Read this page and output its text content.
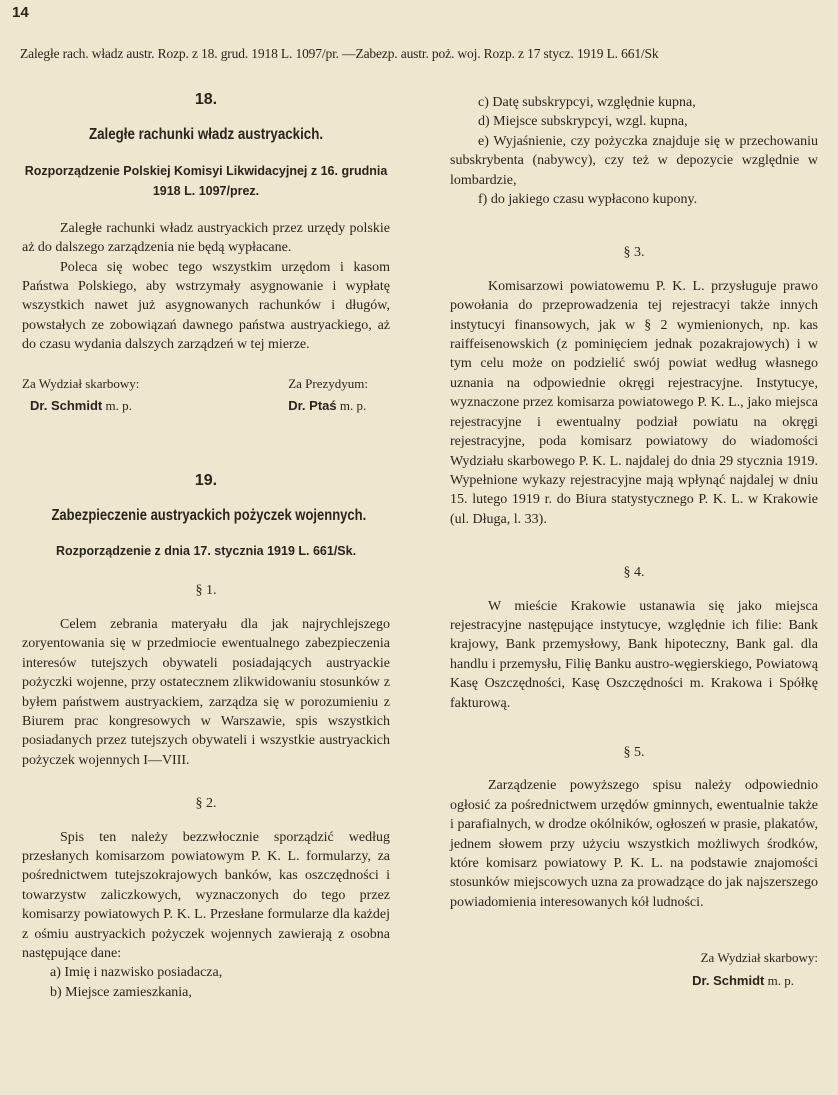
14
Zaległe rach. władz austr. Rozp. z 18. grud. 1918 L. 1097/pr. —Zabezp. austr. poż. woj. Rozp. z 17 stycz. 1919 L. 661/Sk
18.
Zaległe rachunki władz austryackich.
Rozporządzenie Polskiej Komisyi Likwidacyjnej z 16. grudnia 1918 L. 1097/prez.

Zaległe rachunki władz austryackich przez urzędy polskie aż do dalszego zarządzenia nie będą wypłacane.

Poleca się wobec tego wszystkim urzędom i kasom Państwa Polskiego, aby wstrzymały asygnowanie i wypłatę wszystkich nawet już asygnowanych rachunków i długów, powstałych ze zobowiązań dawnego państwa austryackiego, aż do czasu wydania dalszych zarządzeń w tej mierze.

Za Wydział skarbowy:
Dr. Schmidt m. p.
Za Prezydyum:
Dr. Ptaś m. p.
19.
Zabezpieczenie austryackich pożyczek wojennych.
Rozporządzenie z dnia 17. stycznia 1919 L. 661/Sk.
§ 1.

Celem zebrania materyału dla jak najrychlejszego zoryentowania się w przedmiocie ewentualnego zabezpieczenia interesów tutejszych obywateli posiadających austryackie pożyczki wojenne, przy ostatecznem zlikwidowaniu stosunków z byłem państwem austryackiem, zarządza się w porozumieniu z Biurem prac kongresowych w Warszawie, spis wszystkich posiadanych przez tutejszych obywateli i wszystkie austryackich pożyczek wojennych I—VIII.

§ 2.

Spis ten należy bezzwłocznie sporządzić według przesłanych komisarzom powiatowym P. K. L. formularzy, za pośrednictwem tutejszokrajowych banków, kas oszczędności i towarzystw zaliczkowych, wyznaczonych do tego przez komisarzy powiatowych P. K. L. Przesłane formularze dla każdej z ośmiu austryackich pożyczek wojennych zawierają z osobna następujące dane:

a) Imię i nazwisko posiadacza,
b) Miejsce zamieszkania,
c) Datę subskrypcyi, względnie kupna,
d) Miejsce subskrypcyi, wzgl. kupna,

e) Wyjaśnienie, czy pożyczka znajduje się w przechowaniu subskrybenta (nabywcy), czy też w depozycie względnie w lombardzie,

f) do jakiego czasu wypłacono kupony.
§ 3.

Komisarzowi powiatowemu P. K. L. przysługuje prawo powołania do przeprowadzenia tej rejestracyi także innych instytucyi finansowych, jak w § 2 wymienionych, np. kas raiffeisenowskich (z pominięciem jednak pozakrajowych) i w tym celu może on podzielić swój powiat według własnego uznania na odpowiednie okręgi rejestracyjne. Instytucye, wyznaczone przez komisarza powiatowego P. K. L., jako miejsca rejestracyjne i ewentualny podział powiatu na okręgi rejestracyjne, poda komisarz powiatowy do wiadomości Wydziału skarbowego P. K. L. najdalej do dnia 29 stycznia 1919. Wypełnione wykazy rejestracyjne mają wpłynąć najdalej w dniu 15. lutego 1919 r. do Biura statystycznego P. K. L. w Krakowie (ul. Długa, l. 33).

§ 4.

W mieście Krakowie ustanawia się jako miejsca rejestracyjne następujące instytucye, względnie ich filie: Bank krajowy, Bank przemysłowy, Bank hipoteczny, Bank gal. dla handlu i przemysłu, Filię Banku austro-węgierskiego, Powiatową Kasę Oszczędności, Kasę Oszczędności m. Krakowa i Spółkę fakturową.

§ 5.

Zarządzenie powyższego spisu należy odpowiednio ogłosić za pośrednictwem urzędów gminnych, ewentualnie także i parafialnych, w drodze okólników, ogłoszeń w prasie, plakatów, jednem słowem przy użyciu wszystkich możliwych środków, które komisarz powiatowy P. K. L. na podstawie znajomości stosunków miejscowych uzna za prowadzące do jak najszerszego powiadomienia interesowanych kół ludności.

Za Wydział skarbowy:
Dr. Schmidt m. p.
